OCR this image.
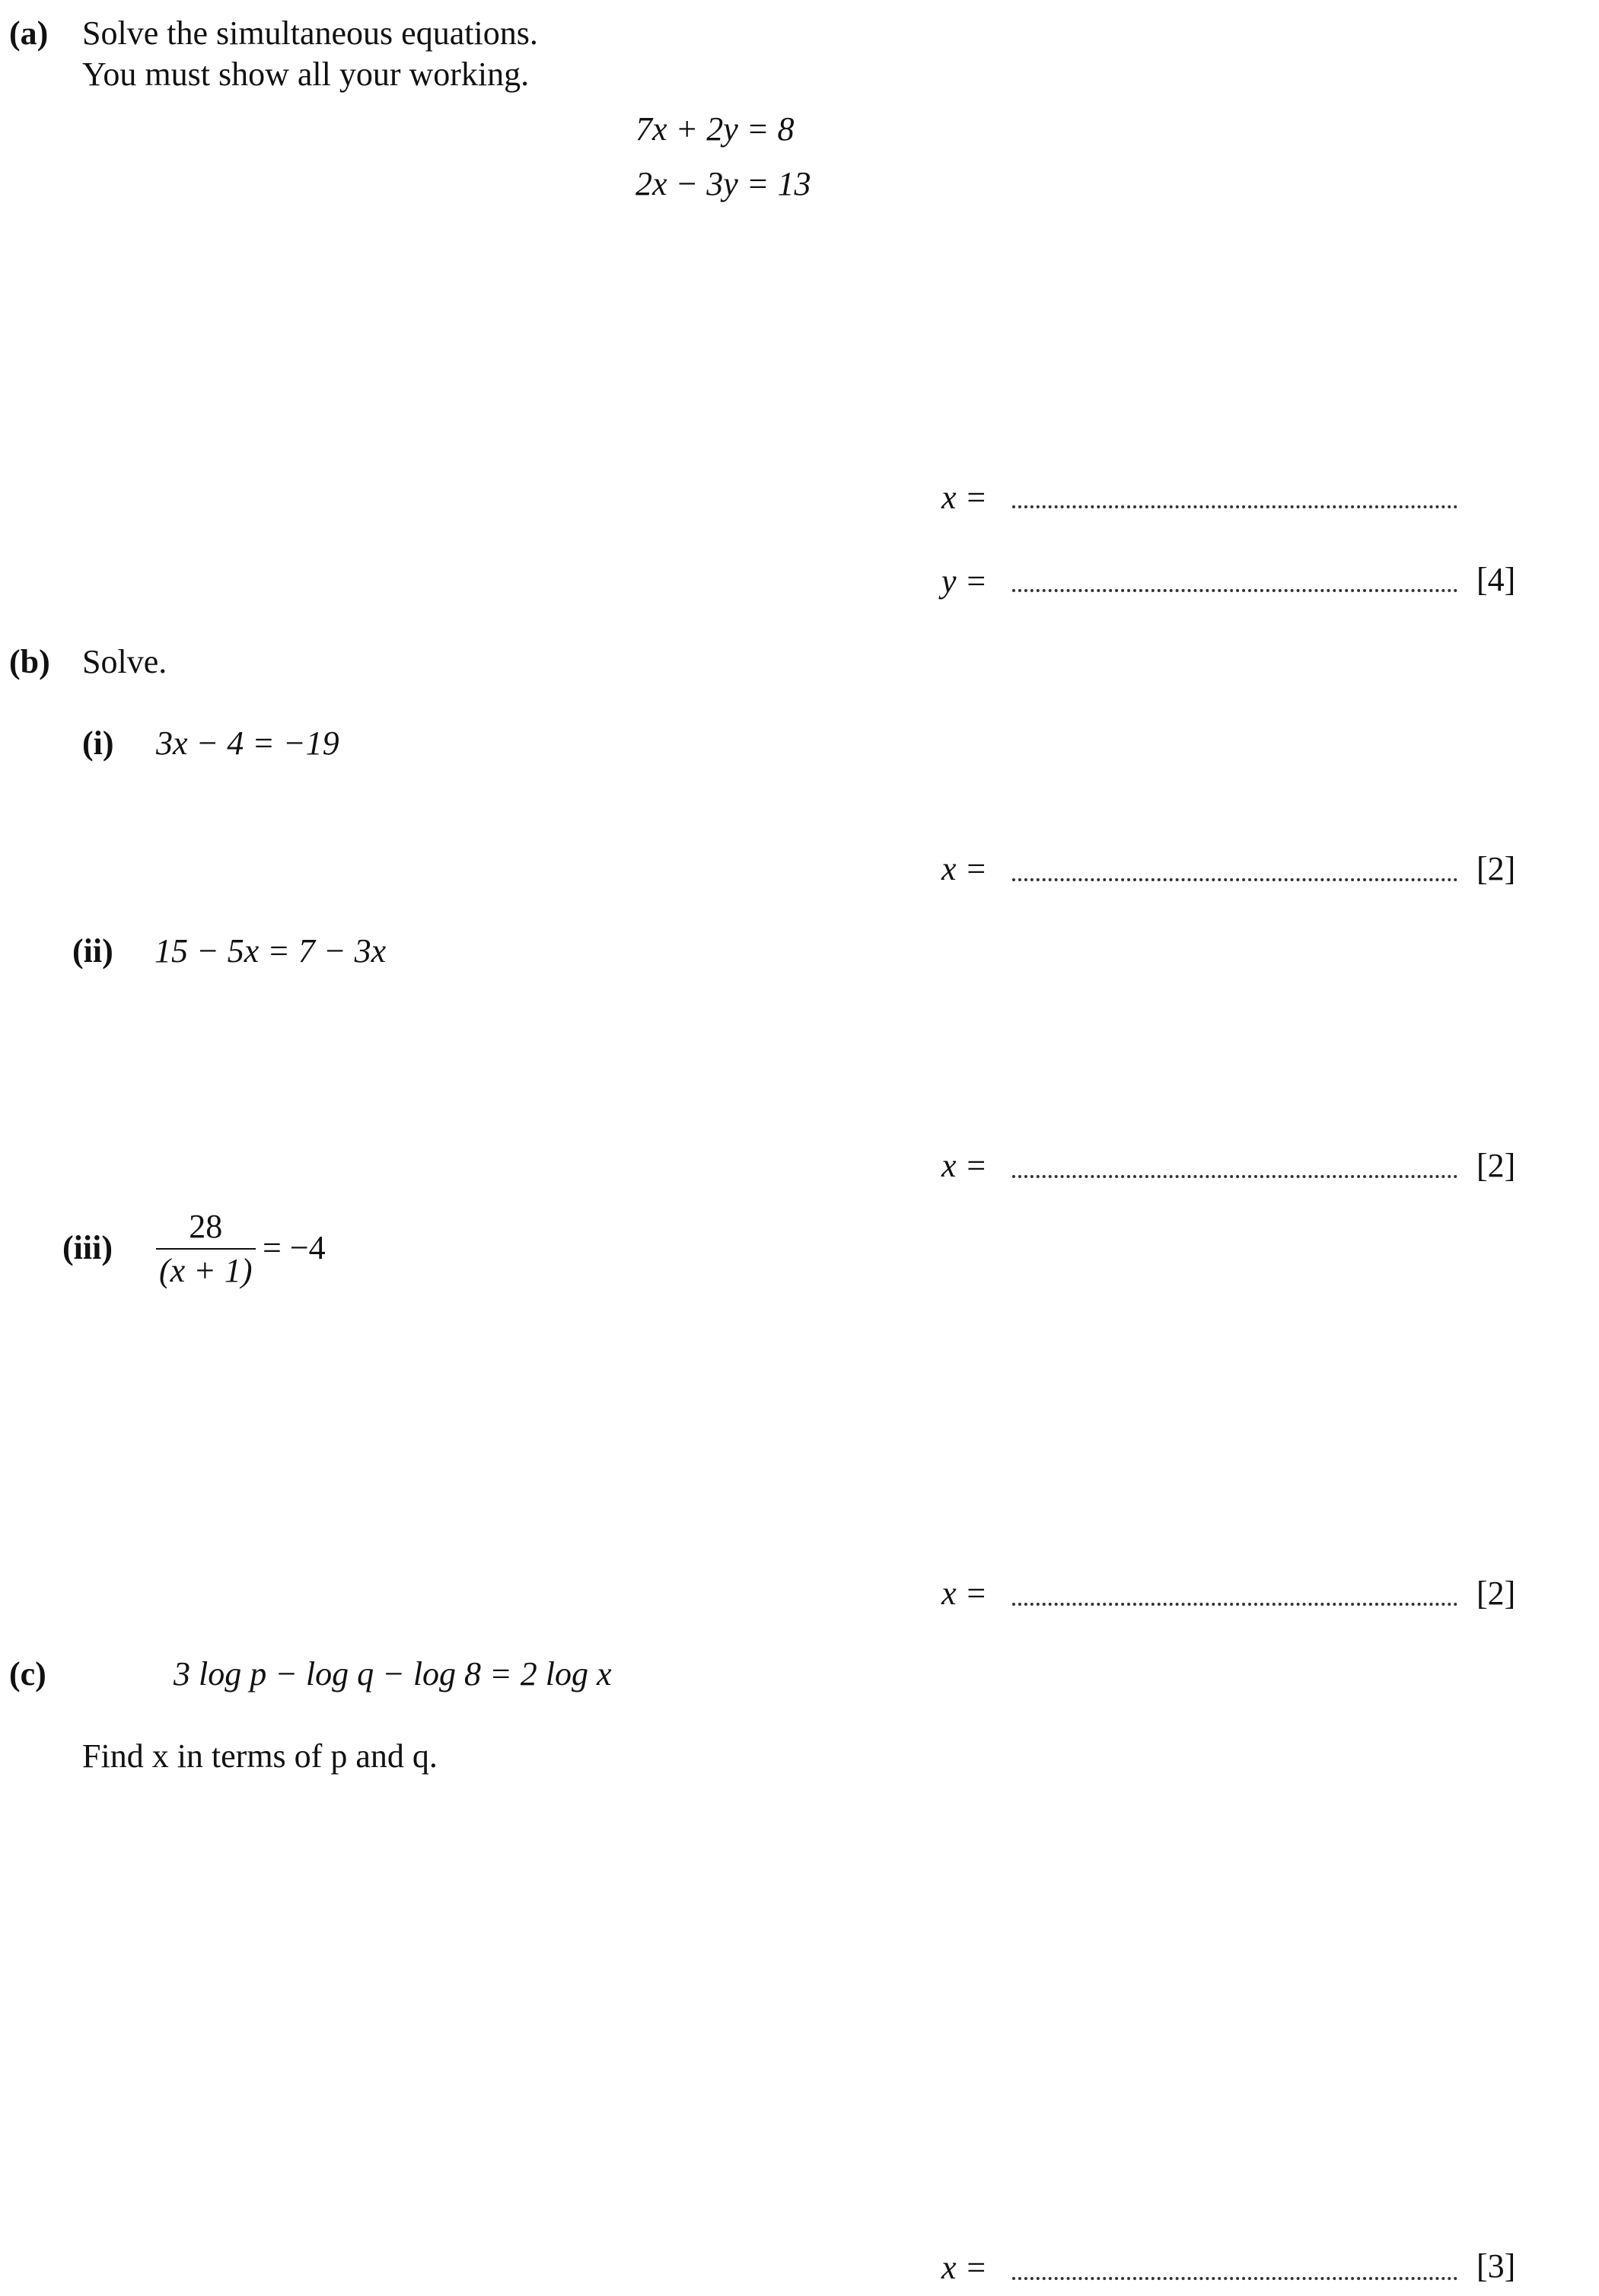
(a) Solve the simultaneous equations.
You must show all your working.
7x + 2y = 8
2x − 3y = 13
x =
y =	[4]
(b) Solve.
(i) 3x − 4 = −19
x =	[2]
(ii) 15 − 5x = 7 − 3x
x =	[2]
(iii)
28
(x + 1)
= −4
x =	[2]
(c)	3 log p − log q − log 8 = 2 log x
Find x in terms of p and q.
x =	[3]
